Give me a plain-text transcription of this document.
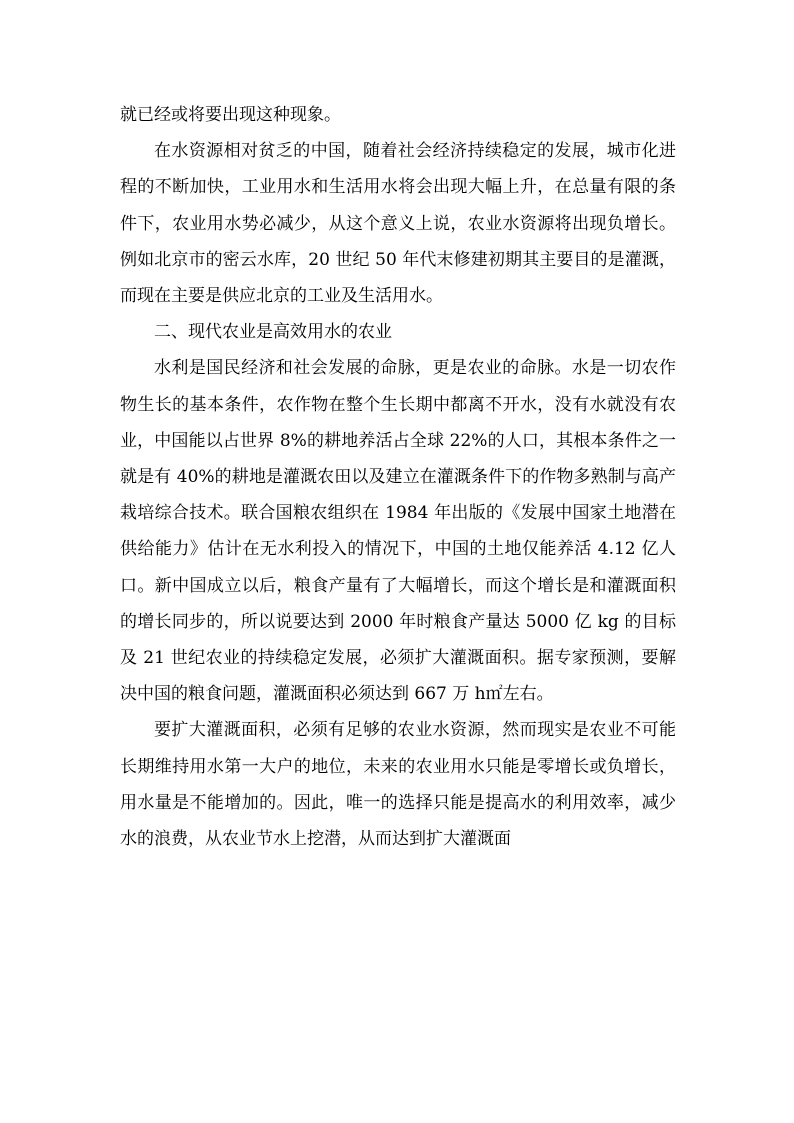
就已经或将要出现这种现象。

在水资源相对贫乏的中国，随着社会经济持续稳定的发展，城市化进程的不断加快，工业用水和生活用水将会出现大幅上升，在总量有限的条件下，农业用水势必减少，从这个意义上说，农业水资源将出现负增长。例如北京市的密云水库，20 世纪 50 年代末修建初期其主要目的是灌溉，而现在主要是供应北京的工业及生活用水。

二、现代农业是高效用水的农业

水利是国民经济和社会发展的命脉，更是农业的命脉。水是一切农作物生长的基本条件，农作物在整个生长期中都离不开水，没有水就没有农业，中国能以占世界 8%的耕地养活占全球 22%的人口，其根本条件之一就是有 40%的耕地是灌溉农田以及建立在灌溉条件下的作物多熟制与高产栽培综合技术。联合国粮农组织在 1984 年出版的《发展中国家土地潜在供给能力》估计在无水利投入的情况下，中国的土地仅能养活 4.12 亿人口。新中国成立以后，粮食产量有了大幅增长，而这个增长是和灌溉面积的增长同步的，所以说要达到 2000 年时粮食产量达 5000 亿 kg 的目标及 21 世纪农业的持续稳定发展，必须扩大灌溉面积。据专家预测，要解决中国的粮食问题，灌溉面积必须达到 667 万 h㎡左右。

要扩大灌溉面积，必须有足够的农业水资源，然而现实是农业不可能长期维持用水第一大户的地位，未来的农业用水只能是零增长或负增长，用水量是不能增加的。因此，唯一的选择只能是提高水的利用效率，减少水的浪费，从农业节水上挖潜，从而达到扩大灌溉面
